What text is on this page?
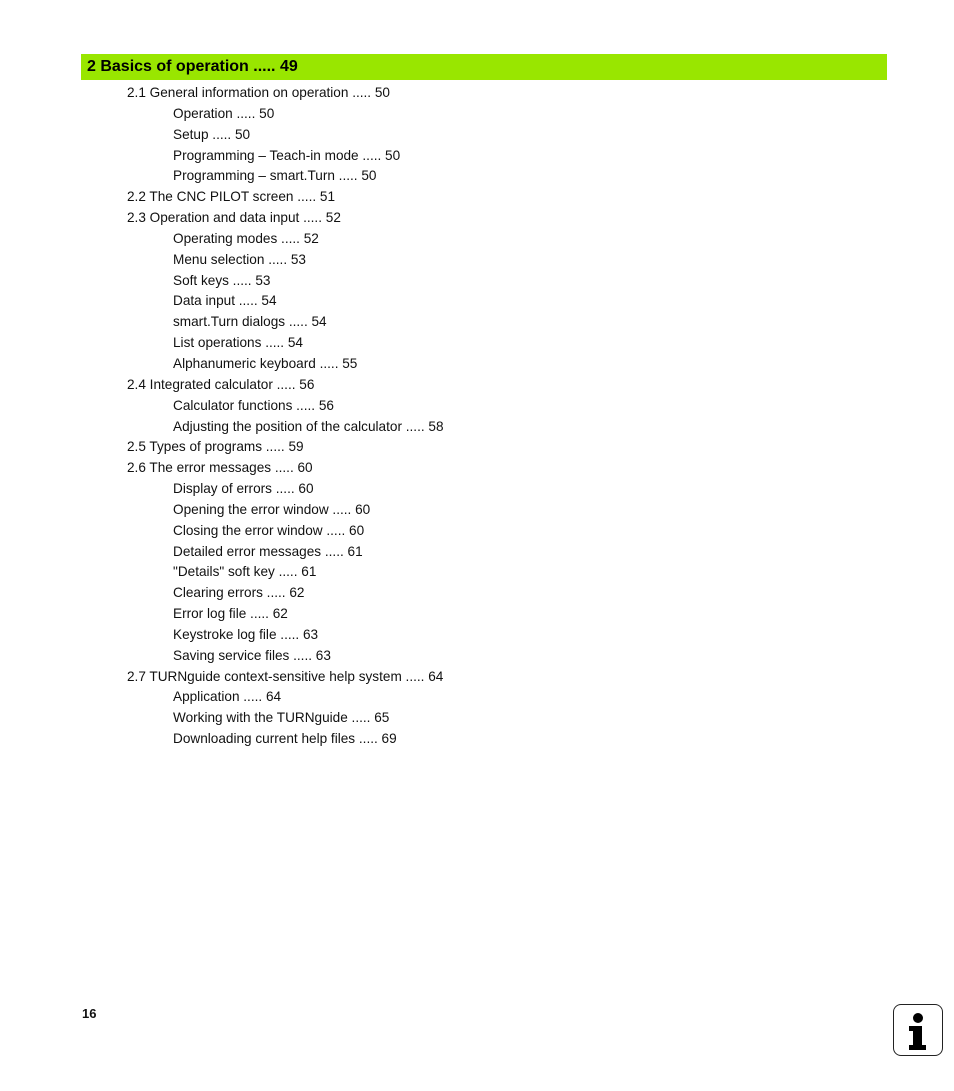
2 Basics of operation ..... 49
2.1 General information on operation ..... 50
Operation ..... 50
Setup ..... 50
Programming – Teach-in mode ..... 50
Programming – smart.Turn ..... 50
2.2 The CNC PILOT screen ..... 51
2.3 Operation and data input ..... 52
Operating modes ..... 52
Menu selection ..... 53
Soft keys ..... 53
Data input ..... 54
smart.Turn dialogs ..... 54
List operations ..... 54
Alphanumeric keyboard ..... 55
2.4 Integrated calculator ..... 56
Calculator functions ..... 56
Adjusting the position of the calculator ..... 58
2.5 Types of programs ..... 59
2.6 The error messages ..... 60
Display of errors ..... 60
Opening the error window ..... 60
Closing the error window ..... 60
Detailed error messages ..... 61
"Details" soft key ..... 61
Clearing errors ..... 62
Error log file ..... 62
Keystroke log file ..... 63
Saving service files ..... 63
2.7 TURNguide context-sensitive help system ..... 64
Application ..... 64
Working with the TURNguide ..... 65
Downloading current help files ..... 69
16
